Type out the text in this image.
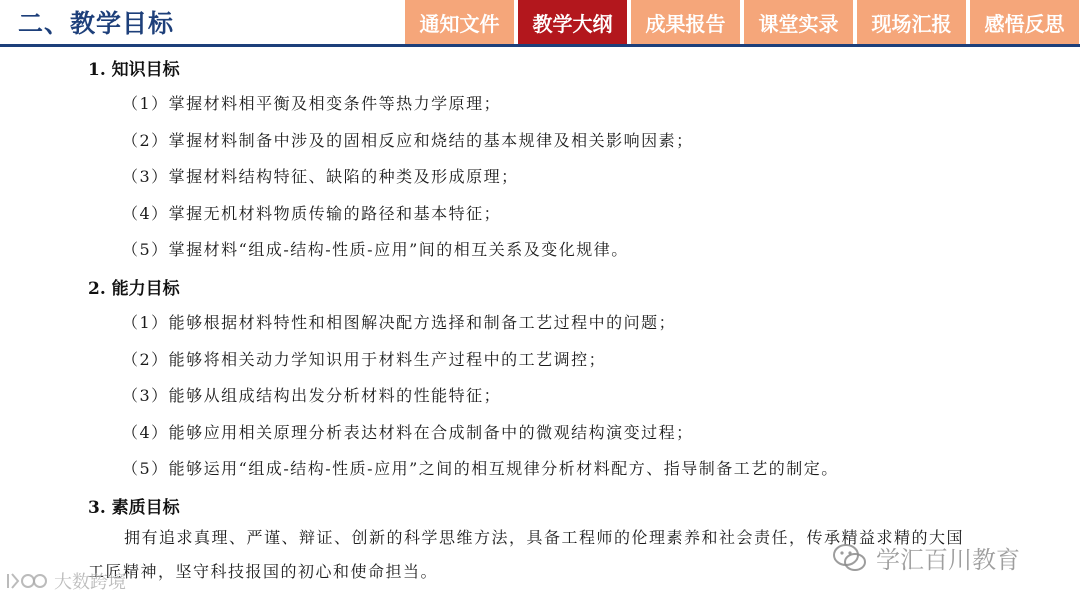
二、教学目标	通知文件	教学大纲	成果报告	课堂实录	现场汇报	感悟反思
1. 知识目标
（1）掌握材料相平衡及相变条件等热力学原理；
（2）掌握材料制备中涉及的固相反应和烧结的基本规律及相关影响因素；
（3）掌握材料结构特征、缺陷的种类及形成原理；
（4）掌握无机材料物质传输的路径和基本特征；
（5）掌握材料“组成-结构-性质-应用”间的相互关系及变化规律。
2. 能力目标
（1）能够根据材料特性和相图解决配方选择和制备工艺过程中的问题；
（2）能够将相关动力学知识用于材料生产过程中的工艺调控；
（3）能够从组成结构出发分析材料的性能特征；
（4）能够应用相关原理分析表达材料在合成制备中的微观结构演变过程；
（5）能够运用“组成-结构-性质-应用”之间的相互规律分析材料配方、指导制备工艺的制定。
3. 素质目标
拥有追求真理、严谨、辩证、创新的科学思维方法，具备工程师的伦理素养和社会责任，传承精益求精的大国工匠精神，坚守科技报国的初心和使命担当。	学汇百川教育
大数跨境
